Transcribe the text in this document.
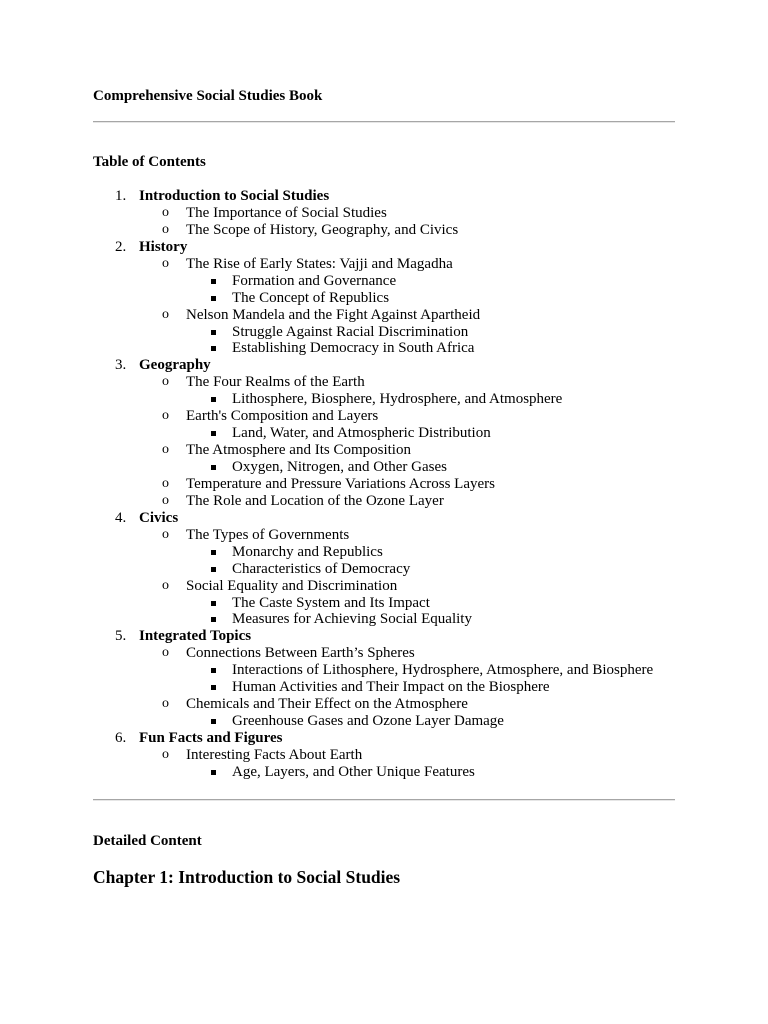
Comprehensive Social Studies Book
Table of Contents
1. Introduction to Social Studies
o The Importance of Social Studies
o The Scope of History, Geography, and Civics
2. History
o The Rise of Early States: Vajji and Magadha
Formation and Governance
The Concept of Republics
o Nelson Mandela and the Fight Against Apartheid
Struggle Against Racial Discrimination
Establishing Democracy in South Africa
3. Geography
o The Four Realms of the Earth
Lithosphere, Biosphere, Hydrosphere, and Atmosphere
o Earth's Composition and Layers
Land, Water, and Atmospheric Distribution
o The Atmosphere and Its Composition
Oxygen, Nitrogen, and Other Gases
o Temperature and Pressure Variations Across Layers
o The Role and Location of the Ozone Layer
4. Civics
o The Types of Governments
Monarchy and Republics
Characteristics of Democracy
o Social Equality and Discrimination
The Caste System and Its Impact
Measures for Achieving Social Equality
5. Integrated Topics
o Connections Between Earth’s Spheres
Interactions of Lithosphere, Hydrosphere, Atmosphere, and Biosphere
Human Activities and Their Impact on the Biosphere
o Chemicals and Their Effect on the Atmosphere
Greenhouse Gases and Ozone Layer Damage
6. Fun Facts and Figures
o Interesting Facts About Earth
Age, Layers, and Other Unique Features
Detailed Content
Chapter 1: Introduction to Social Studies
